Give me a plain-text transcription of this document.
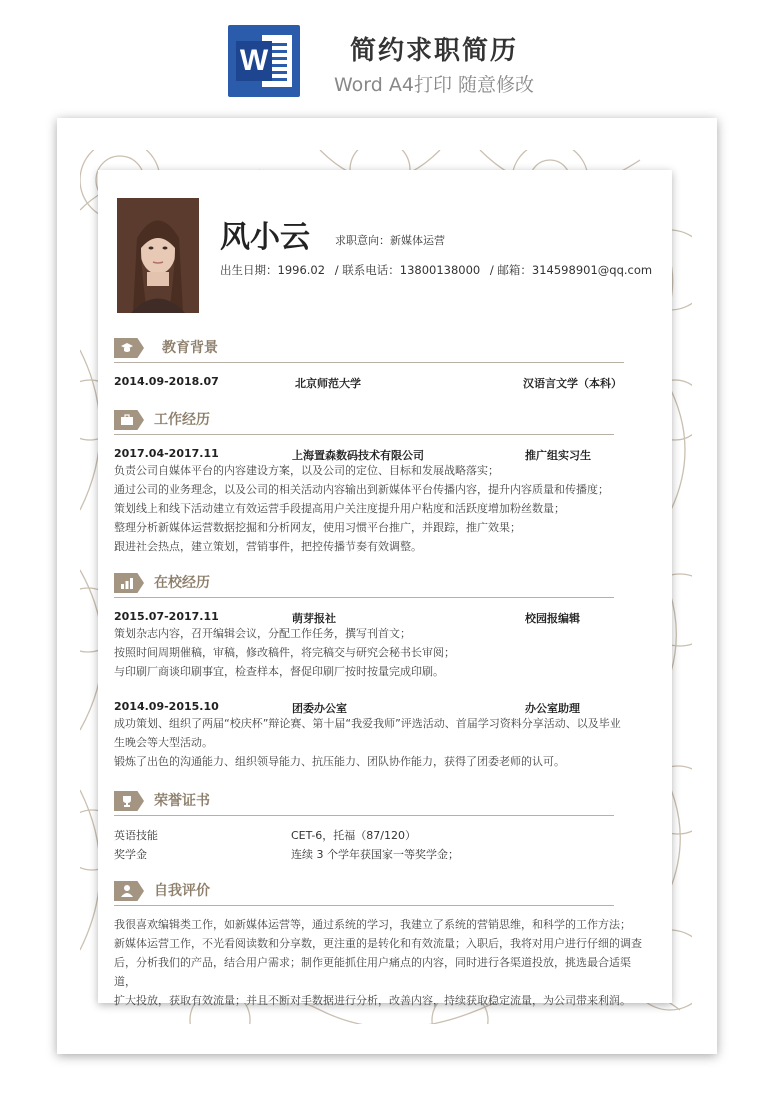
W	简约求职简历
Word A4打印 随意修改
风小云 求职意向：新媒体运营
出生日期：1996.02 / 联系电话：13800138000 / 邮箱：314598901@qq.com
教育背景
2014.09-2018.07	北京师范大学	汉语言文学（本科）
工作经历
2017.04-2017.11	上海置森数码技术有限公司	推广组实习生
负责公司自媒体平台的内容建设方案，以及公司的定位、目标和发展战略落实；
通过公司的业务理念，以及公司的相关活动内容输出到新媒体平台传播内容，提升内容质量和传播度；
策划线上和线下活动建立有效运营手段提高用户关注度提升用户粘度和活跃度增加粉丝数量；
整理分析新媒体运营数据挖掘和分析网友，使用习惯平台推广，并跟踪，推广效果；
跟进社会热点，建立策划，营销事件，把控传播节奏有效调整。
在校经历
2015.07-2017.11	萌芽报社	校园报编辑
策划杂志内容，召开编辑会议，分配工作任务，撰写刊首文；
按照时间周期催稿，审稿，修改稿件，将完稿交与研究会秘书长审阅；
与印刷厂商谈印刷事宜，检查样本，督促印刷厂按时按量完成印刷。
2014.09-2015.10	团委办公室	办公室助理
成功策划、组织了两届“校庆杯”辩论赛、第十届“我爱我师”评选活动、首届学习资料分享活动、以及毕业
生晚会等大型活动。
锻炼了出色的沟通能力、组织领导能力、抗压能力、团队协作能力，获得了团委老师的认可。
荣誉证书
英语技能	CET-6，托福（87/120）
奖学金	连续 3 个学年获国家一等奖学金；
自我评价
我很喜欢编辑类工作，如新媒体运营等，通过系统的学习，我建立了系统的营销思维，和科学的工作方法；
新媒体运营工作，不光看阅读数和分享数，更注重的是转化和有效流量；入职后，我将对用户进行仔细的调查
后，分析我们的产品，结合用户需求；制作更能抓住用户痛点的内容，同时进行各渠道投放，挑选最合适渠道，
扩大投放，获取有效流量；并且不断对手数据进行分析，改善内容，持续获取稳定流量，为公司带来利润。
